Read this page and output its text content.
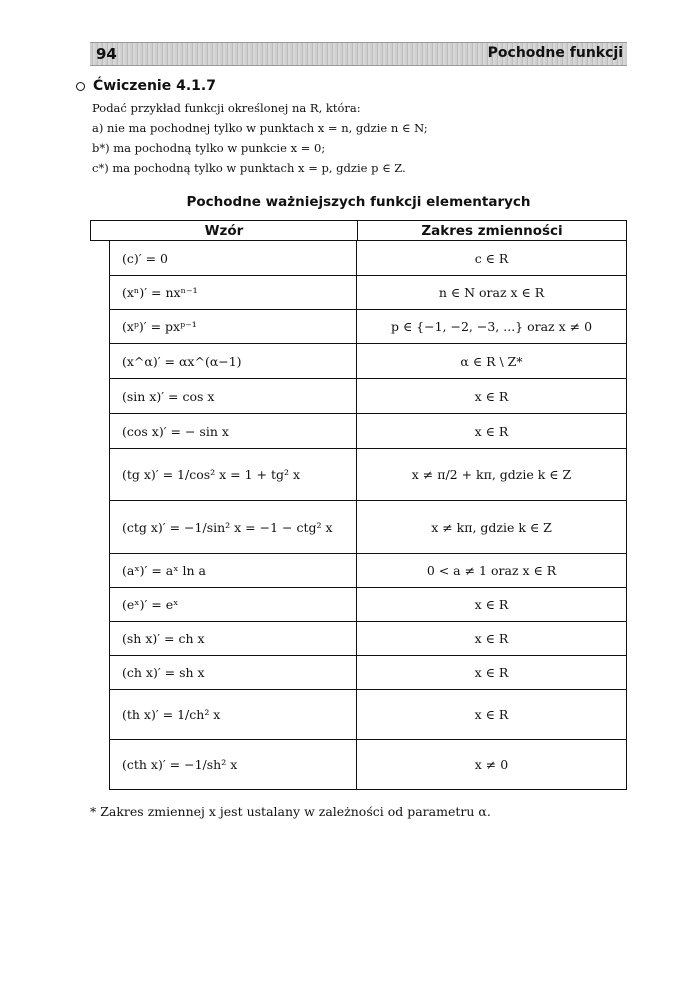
94	Pochodne funkcji
Ćwiczenie 4.1.7
Podać przykład funkcji określonej na R, która:
a) nie ma pochodnej tylko w punktach x = n, gdzie n ∈ N;
b*) ma pochodną tylko w punkcie x = 0;
c*) ma pochodną tylko w punktach x = p, gdzie p ∈ Z.
Pochodne ważniejszych funkcji elementarych
Wzór	Zakres zmienności
(c)′ = 0	c ∈ R
(xⁿ)′ = nxⁿ⁻¹	n ∈ N oraz x ∈ R
(xᵖ)′ = pxᵖ⁻¹	p ∈ {−1, −2, −3, ...} oraz x ≠ 0
(x^α)′ = αx^(α−1)	α ∈ R \ Z*
(sin x)′ = cos x	x ∈ R
(cos x)′ = − sin x	x ∈ R
(tg x)′ = 1/cos² x = 1 + tg² x	x ≠ π/2 + kπ, gdzie k ∈ Z
(ctg x)′ = −1/sin² x = −1 − ctg² x	x ≠ kπ, gdzie k ∈ Z
(aˣ)′ = aˣ ln a	0 < a ≠ 1 oraz x ∈ R
(eˣ)′ = eˣ	x ∈ R
(sh x)′ = ch x	x ∈ R
(ch x)′ = sh x	x ∈ R
(th x)′ = 1/ch² x	x ∈ R
(cth x)′ = −1/sh² x	x ≠ 0
* Zakres zmiennej x jest ustalany w zależności od parametru α.
